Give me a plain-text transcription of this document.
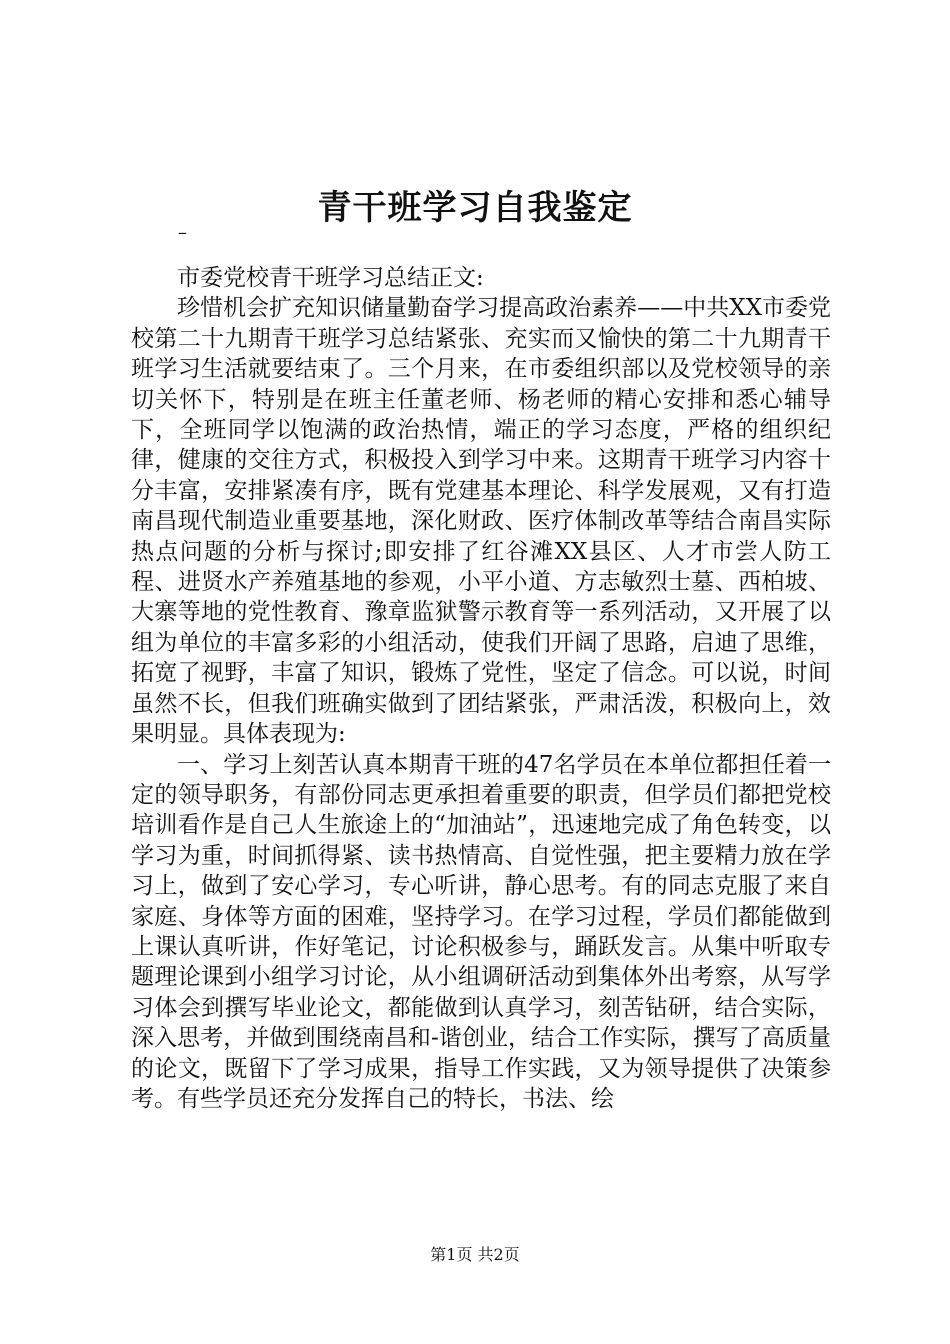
青干班学习自我鉴定
–

市委党校青干班学习总结正文:

珍惜机会扩充知识储量勤奋学习提高政治素养——中共XX市委党校第二十九期青干班学习总结紧张、充实而又愉快的第二十九期青干班学习生活就要结束了。三个月来，在市委组织部以及党校领导的亲切关怀下，特别是在班主任董老师、杨老师的精心安排和悉心辅导下，全班同学以饱满的政治热情，端正的学习态度，严格的组织纪律，健康的交往方式，积极投入到学习中来。这期青干班学习内容十分丰富，安排紧凑有序，既有党建基本理论、科学发展观，又有打造南昌现代制造业重要基地，深化财政、医疗体制改革等结合南昌实际热点问题的分析与探讨;即安排了红谷滩XX县区、人才市尝人防工程、进贤水产养殖基地的参观，小平小道、方志敏烈士墓、西柏坡、大寨等地的党性教育、豫章监狱警示教育等一系列活动，又开展了以组为单位的丰富多彩的小组活动，使我们开阔了思路，启迪了思维，拓宽了视野，丰富了知识，锻炼了党性，坚定了信念。可以说，时间虽然不长，但我们班确实做到了团结紧张，严肃活泼，积极向上，效果明显。具体表现为:

一、学习上刻苦认真本期青干班的47名学员在本单位都担任着一定的领导职务，有部份同志更承担着重要的职责，但学员们都把党校培训看作是自己人生旅途上的“加油站”，迅速地完成了角色转变，以学习为重，时间抓得紧、读书热情高、自觉性强，把主要精力放在学习上，做到了安心学习，专心听讲，静心思考。有的同志克服了来自家庭、身体等方面的困难，坚持学习。在学习过程，学员们都能做到上课认真听讲，作好笔记，讨论积极参与，踊跃发言。从集中听取专题理论课到小组学习讨论，从小组调研活动到集体外出考察，从写学习体会到撰写毕业论文，都能做到认真学习，刻苦钻研，结合实际，深入思考，并做到围绕南昌和-谐创业，结合工作实际，撰写了高质量的论文，既留下了学习成果，指导工作实践，又为领导提供了决策参考。有些学员还充分发挥自己的特长，书法、绘

第1页 共2页
